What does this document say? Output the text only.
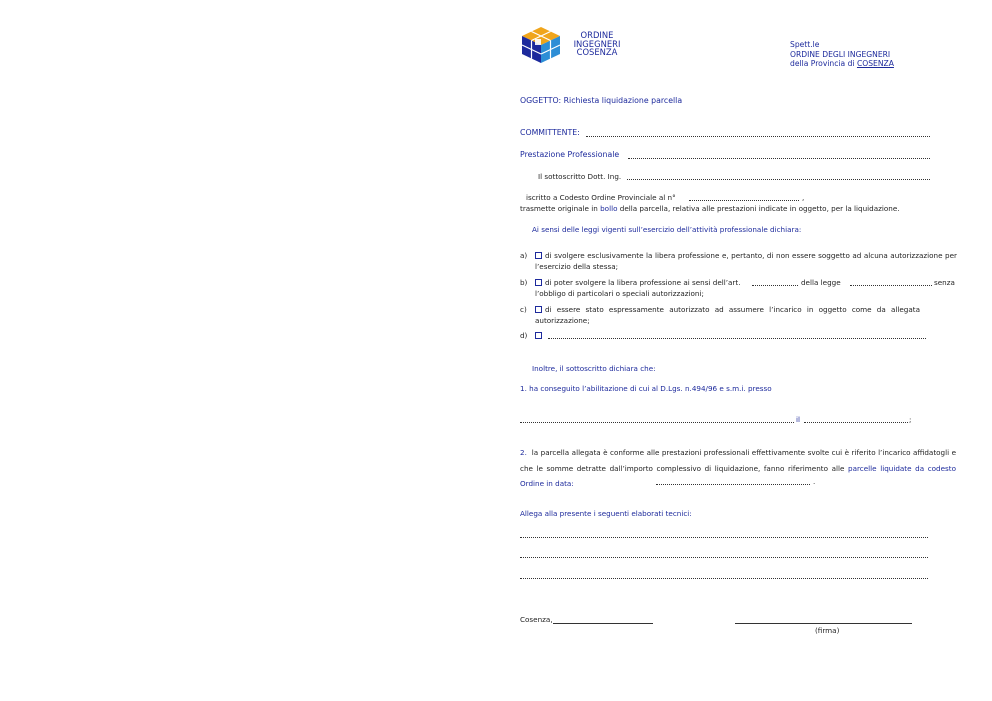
ORDINE
INGEGNERI
COSENZA
Spett.le
ORDINE DEGLI INGEGNERI
della Provincia di COSENZA
OGGETTO: Richiesta liquidazione parcella
COMMITTENTE:
Prestazione Professionale
Il sottoscritto Dott. Ing.
iscritto a Codesto Ordine Provinciale al n°	,
trasmette originale in bollo della parcella, relativa alle prestazioni indicate in oggetto, per la liquidazione.
Ai sensi delle leggi vigenti sull’esercizio dell’attività professionale dichiara:
a)	di svolgere esclusivamente la libera professione e, pertanto, di non essere soggetto ad alcuna autorizzazione per l’esercizio della stessa;
b)	di poter svolgere la libera professione ai sensi dell’art.	della legge	senza
l’obbligo di particolari o speciali autorizzazioni;
c)	di essere stato espressamente autorizzato ad assumere l’incarico in oggetto come da allegata autorizzazione;
d)
Inoltre, il sottoscritto dichiara che:
1. ha conseguito l’abilitazione di cui al D.Lgs. n.494/96 e s.m.i. presso
il	;
2. la parcella allegata è conforme alle prestazioni professionali effettivamente svolte cui è riferito l’incarico affidatogli e che le somme detratte dall’importo complessivo di liquidazione, fanno riferimento alle parcelle liquidate da codesto Ordine in data:	.
Allega alla presente i seguenti elaborati tecnici:
Cosenza,
(firma)
